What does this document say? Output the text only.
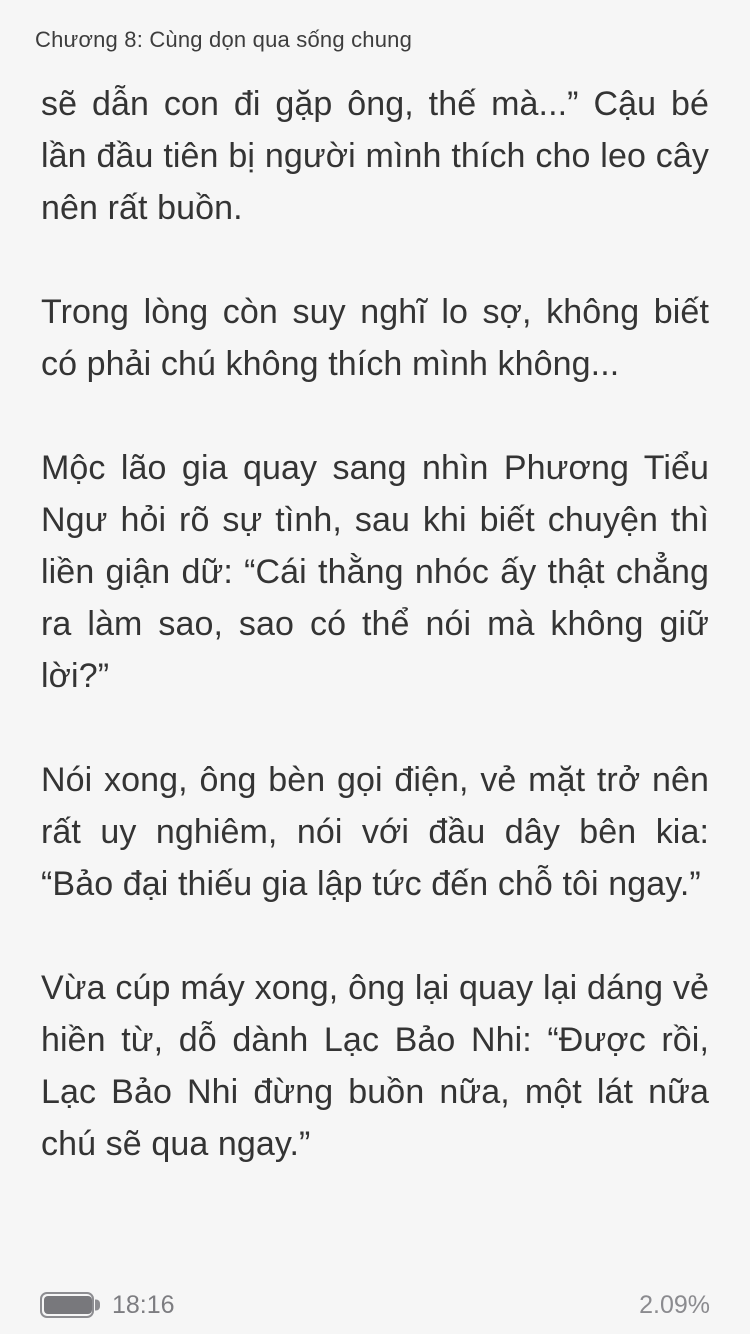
Chương 8: Cùng dọn qua sống chung

sẽ dẫn con đi gặp ông, thế mà...” Cậu bé lần đầu tiên bị người mình thích cho leo cây nên rất buồn.

Trong lòng còn suy nghĩ lo sợ, không biết có phải chú không thích mình không...

Mộc lão gia quay sang nhìn Phương Tiểu Ngư hỏi rõ sự tình, sau khi biết chuyện thì liền giận dữ: “Cái thằng nhóc ấy thật chẳng ra làm sao, sao có thể nói mà không giữ lời?”

Nói xong, ông bèn gọi điện, vẻ mặt trở nên rất uy nghiêm, nói với đầu dây bên kia: “Bảo đại thiếu gia lập tức đến chỗ tôi ngay.”

Vừa cúp máy xong, ông lại quay lại dáng vẻ hiền từ, dỗ dành Lạc Bảo Nhi: “Được rồi, Lạc Bảo Nhi đừng buồn nữa, một lát nữa chú sẽ qua ngay.”

18:16	2.09%
